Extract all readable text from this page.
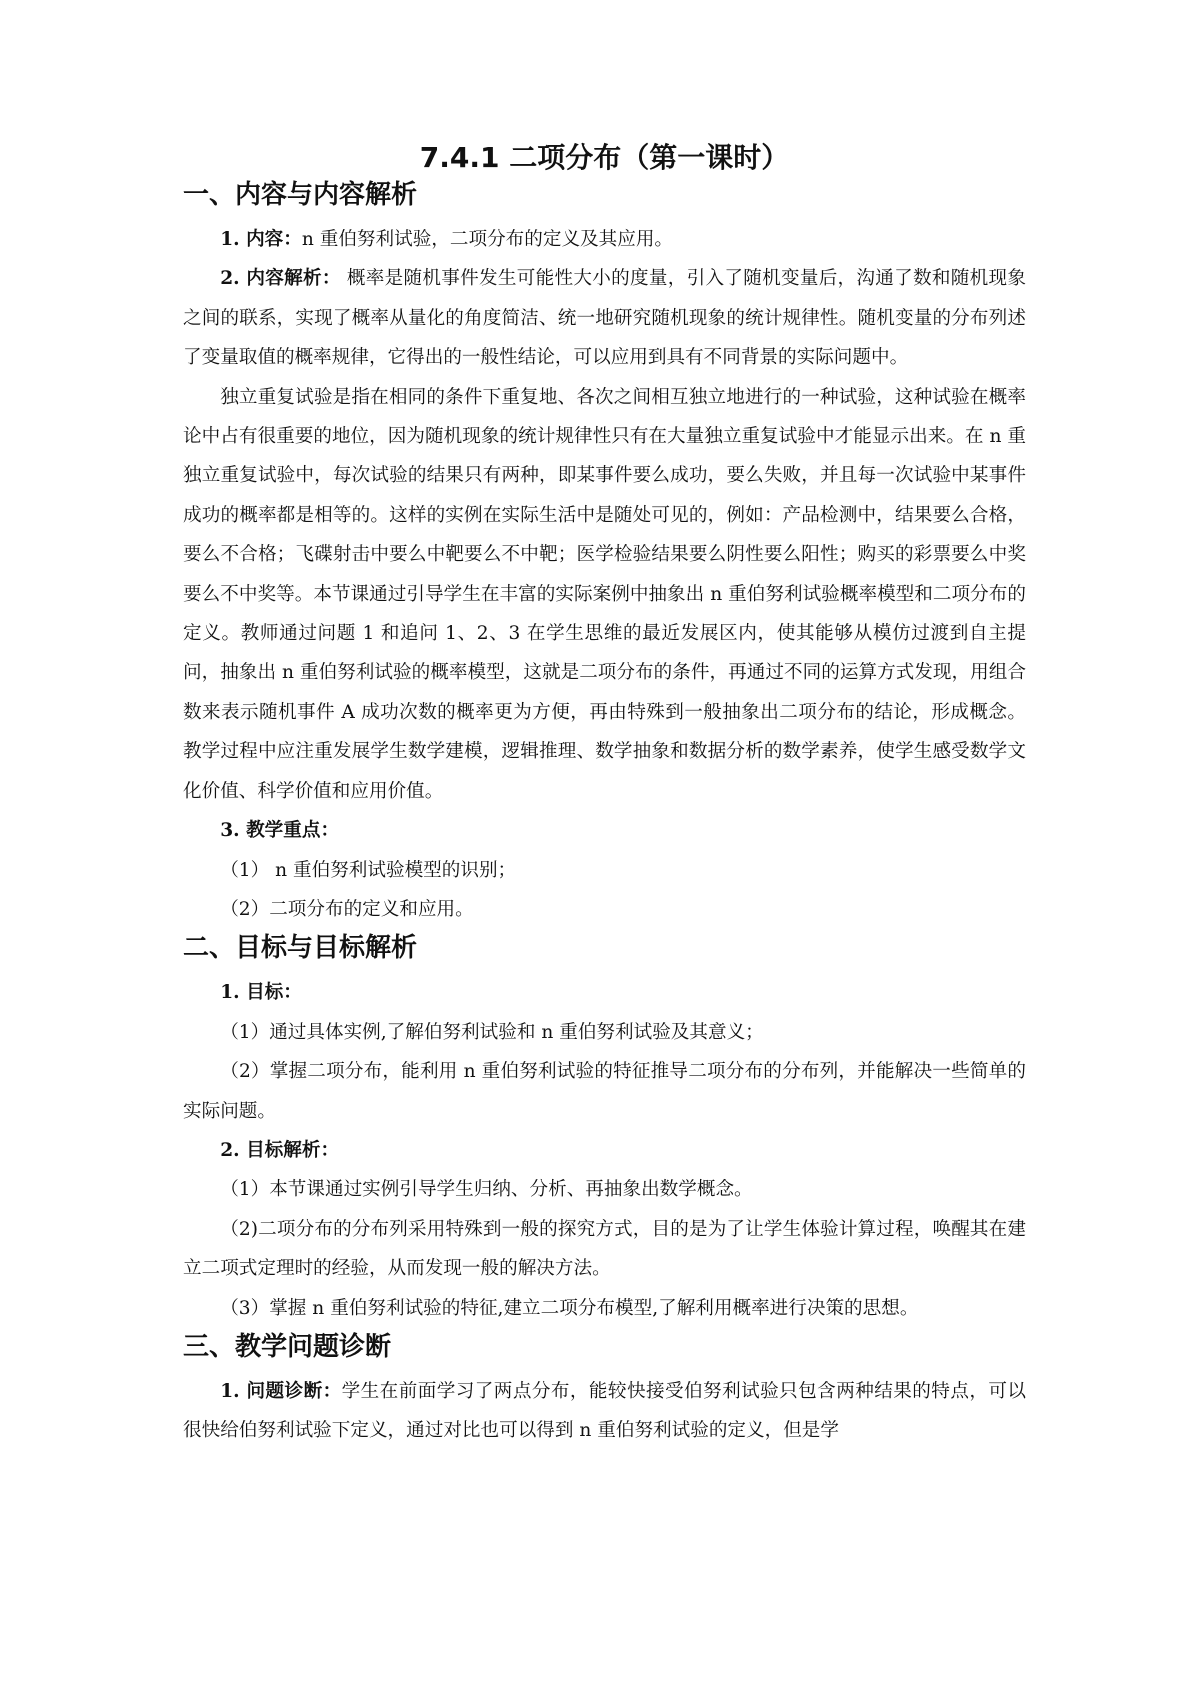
7.4.1 二项分布（第一课时）
一、内容与内容解析

1. 内容：n 重伯努利试验，二项分布的定义及其应用。

2. 内容解析： 概率是随机事件发生可能性大小的度量，引入了随机变量后，沟通了数和随机现象之间的联系，实现了概率从量化的角度简洁、统一地研究随机现象的统计规律性。随机变量的分布列述了变量取值的概率规律，它得出的一般性结论，可以应用到具有不同背景的实际问题中。

独立重复试验是指在相同的条件下重复地、各次之间相互独立地进行的一种试验，这种试验在概率论中占有很重要的地位，因为随机现象的统计规律性只有在大量独立重复试验中才能显示出来。在 n 重独立重复试验中，每次试验的结果只有两种，即某事件要么成功，要么失败，并且每一次试验中某事件成功的概率都是相等的。这样的实例在实际生活中是随处可见的，例如：产品检测中，结果要么合格，要么不合格；飞碟射击中要么中靶要么不中靶；医学检验结果要么阴性要么阳性；购买的彩票要么中奖要么不中奖等。本节课通过引导学生在丰富的实际案例中抽象出 n 重伯努利试验概率模型和二项分布的定义。教师通过问题 1 和追问 1、2、3 在学生思维的最近发展区内，使其能够从模仿过渡到自主提问，抽象出 n 重伯努利试验的概率模型，这就是二项分布的条件，再通过不同的运算方式发现，用组合数来表示随机事件 A 成功次数的概率更为方便，再由特殊到一般抽象出二项分布的结论，形成概念。教学过程中应注重发展学生数学建模，逻辑推理、数学抽象和数据分析的数学素养，使学生感受数学文化价值、科学价值和应用价值。

3. 教学重点：

（1） n 重伯努利试验模型的识别；

（2）二项分布的定义和应用。

二、目标与目标解析

1. 目标：

（1）通过具体实例,了解伯努利试验和 n 重伯努利试验及其意义；

（2）掌握二项分布，能利用 n 重伯努利试验的特征推导二项分布的分布列，并能解决一些简单的实际问题。

2. 目标解析：

（1）本节课通过实例引导学生归纳、分析、再抽象出数学概念。

（2)二项分布的分布列采用特殊到一般的探究方式，目的是为了让学生体验计算过程，唤醒其在建立二项式定理时的经验，从而发现一般的解决方法。

（3）掌握 n 重伯努利试验的特征,建立二项分布模型,了解利用概率进行决策的思想。

三、教学问题诊断

1. 问题诊断：学生在前面学习了两点分布，能较快接受伯努利试验只包含两种结果的特点，可以很快给伯努利试验下定义，通过对比也可以得到 n 重伯努利试验的定义，但是学
